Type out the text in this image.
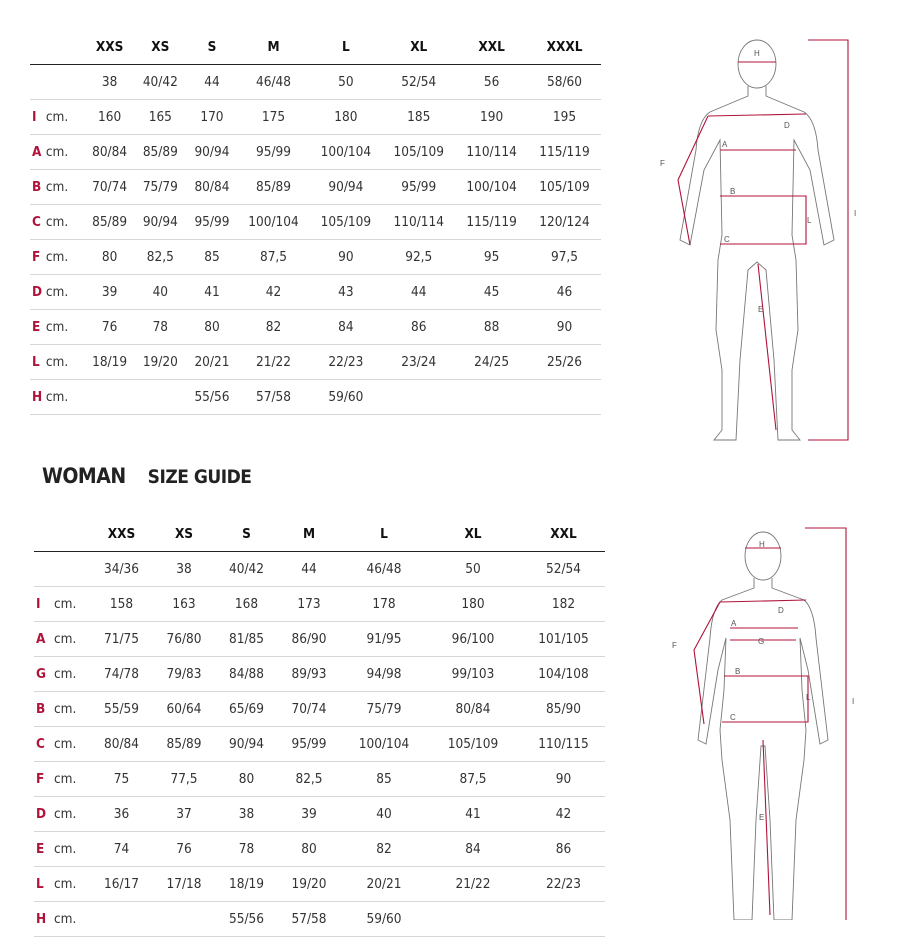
		XXS	XS	S	M	L	XL	XXL	XXXL
		38	40/42	44	46/48	50	52/54	56	58/60
I	cm.	160	165	170	175	180	185	190	195
A	cm.	80/84	85/89	90/94	95/99	100/104	105/109	110/114	115/119
B	cm.	70/74	75/79	80/84	85/89	90/94	95/99	100/104	105/109
C	cm.	85/89	90/94	95/99	100/104	105/109	110/114	115/119	120/124
F	cm.	80	82,5	85	87,5	90	92,5	95	97,5
D	cm.	39	40	41	42	43	44	45	46
E	cm.	76	78	80	82	84	86	88	90
L	cm.	18/19	19/20	20/21	21/22	22/23	23/24	24/25	25/26
H	cm.			55/56	57/58	59/60			
H
D
F
A
B
C
E
L
I
WOMAN SIZE GUIDE
		XXS	XS	S	M	L	XL	XXL
		34/36	38	40/42	44	46/48	50	52/54
I	cm.	158	163	168	173	178	180	182
A	cm.	71/75	76/80	81/85	86/90	91/95	96/100	101/105
G	cm.	74/78	79/83	84/88	89/93	94/98	99/103	104/108
B	cm.	55/59	60/64	65/69	70/74	75/79	80/84	85/90
C	cm.	80/84	85/89	90/94	95/99	100/104	105/109	110/115
F	cm.	75	77,5	80	82,5	85	87,5	90
D	cm.	36	37	38	39	40	41	42
E	cm.	74	76	78	80	82	84	86
L	cm.	16/17	17/18	18/19	19/20	20/21	21/22	22/23
H	cm.			55/56	57/58	59/60		
H
D
F
A
G
B
C
E
L	I
